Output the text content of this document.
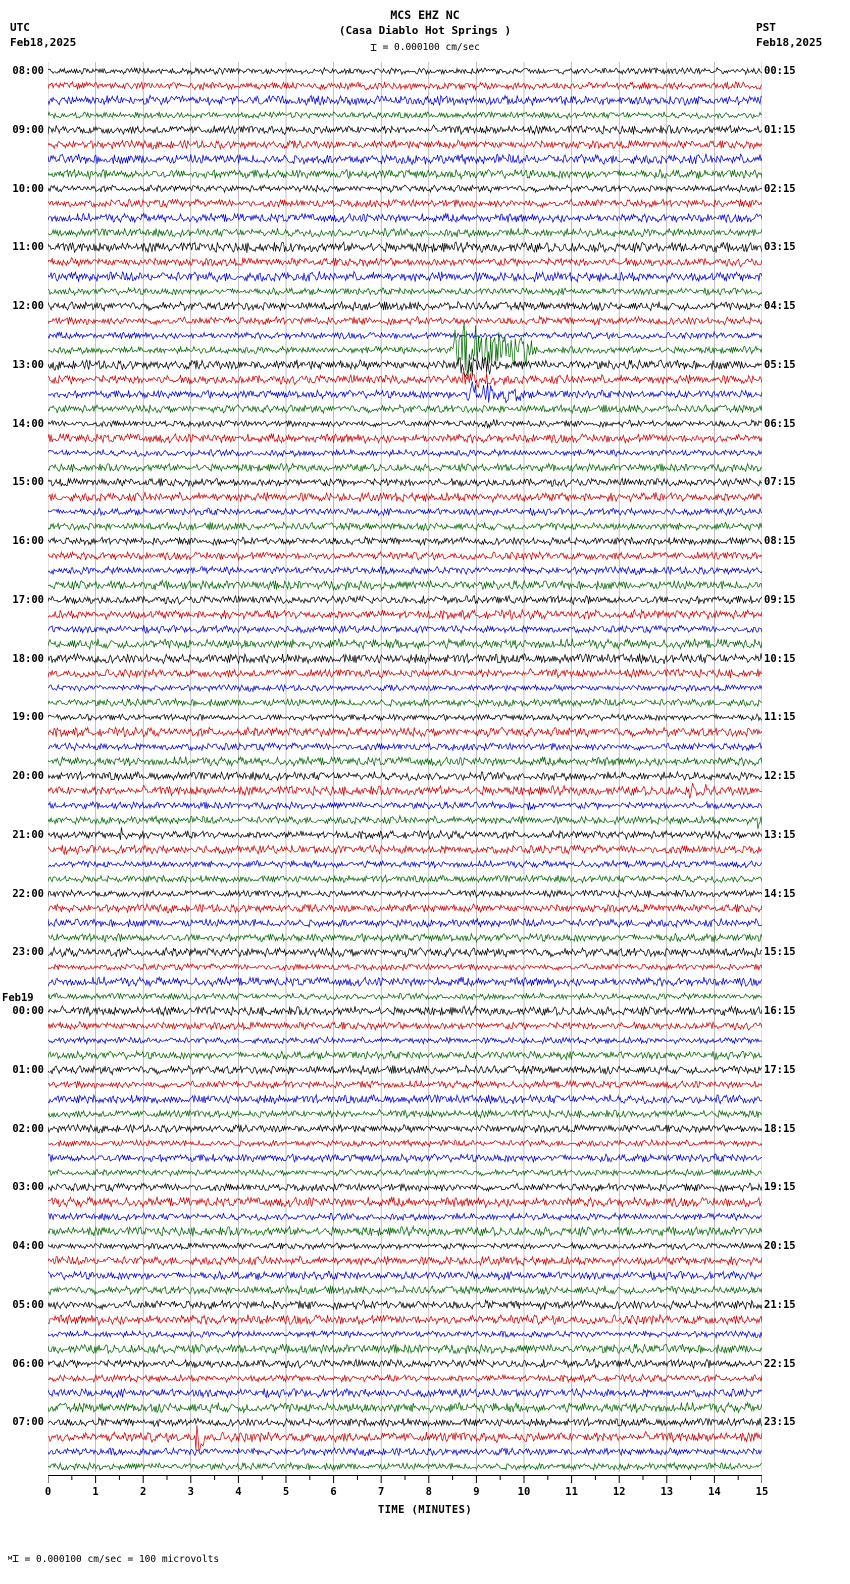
UTC
Feb18,2025
MCS EHZ NC
(Casa Diablo Hot Springs )
⌶ = 0.000100 cm/sec
PST
Feb18,2025
08:00	00:15
09:00	01:15
10:00	02:15
11:00	03:15
12:00	04:15
13:00	05:15
14:00	06:15
15:00	07:15
16:00	08:15
17:00	09:15
18:00	10:15
19:00	11:15
20:00	12:15
21:00	13:15
22:00	14:15
23:00	15:15
00:00	16:15
01:00	17:15
02:00	18:15
03:00	19:15
04:00	20:15
05:00	21:15
06:00	22:15
07:00	23:15
Feb19
0	1	2	3	4	5	6	7	8	9	10	11	12	13	14	15
TIME (MINUTES)
$^м$⌶ = 0.000100 cm/sec = 100 microvolts
